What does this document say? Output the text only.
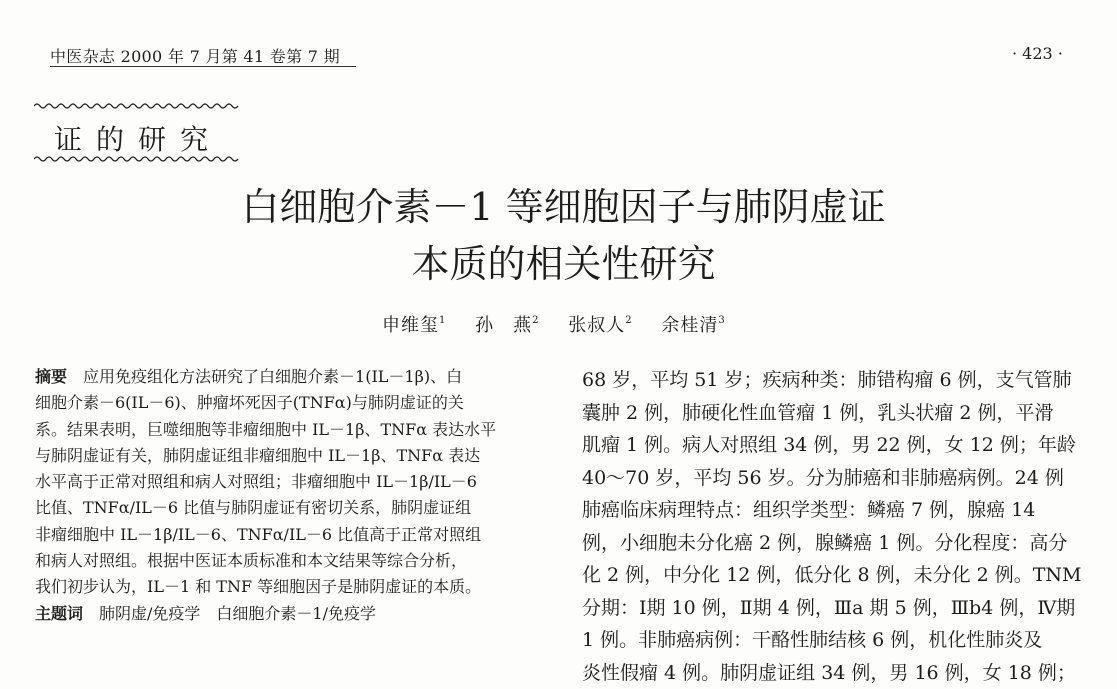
中医杂志 2000 年 7 月第 41 卷第 7 期	· 423 ·
证的研究
白细胞介素－1 等细胞因子与肺阴虚证
本质的相关性研究
申维玺$^1$ 孙　燕$^2$ 张叔人$^2$ 余桂清$^3$
摘要　 应用免疫组化方法研究了白细胞介素－1(IL－1β)、白
细胞介素－6(IL－6)、肿瘤坏死因子(TNFα)与肺阴虚证的关
系。结果表明，巨噬细胞等非瘤细胞中 IL－1β、TNFα 表达水平
与肺阴虚证有关，肺阴虚证组非瘤细胞中 IL－1β、TNFα 表达
水平高于正常对照组和病人对照组；非瘤细胞中 IL－1β/IL－6
比值、TNFα/IL－6 比值与肺阴虚证有密切关系，肺阴虚证组
非瘤细胞中 IL－1β/IL－6、TNFα/IL－6 比值高于正常对照组
和病人对照组。根据中医证本质标准和本文结果等综合分析，
我们初步认为，IL－1 和 TNF 等细胞因子是肺阴虚证的本质。
主题词　 肺阴虚/免疫学　白细胞介素－1/免疫学
68 岁，平均 51 岁；疾病种类：肺错构瘤 6 例，支气管肺
囊肿 2 例，肺硬化性血管瘤 1 例，乳头状瘤 2 例，平滑
肌瘤 1 例。病人对照组 34 例，男 22 例，女 12 例；年龄
40～70 岁，平均 56 岁。分为肺癌和非肺癌病例。24 例
肺癌临床病理特点：组织学类型：鳞癌 7 例，腺癌 14
例，小细胞未分化癌 2 例，腺鳞癌 1 例。分化程度：高分
化 2 例，中分化 12 例，低分化 8 例，未分化 2 例。TNM
分期：Ⅰ期 10 例，Ⅱ期 4 例，Ⅲa 期 5 例，Ⅲb4 例，Ⅳ期
1 例。非肺癌病例：干酪性肺结核 6 例，机化性肺炎及
炎性假瘤 4 例。肺阴虚证组 34 例，男 16 例，女 18 例；
